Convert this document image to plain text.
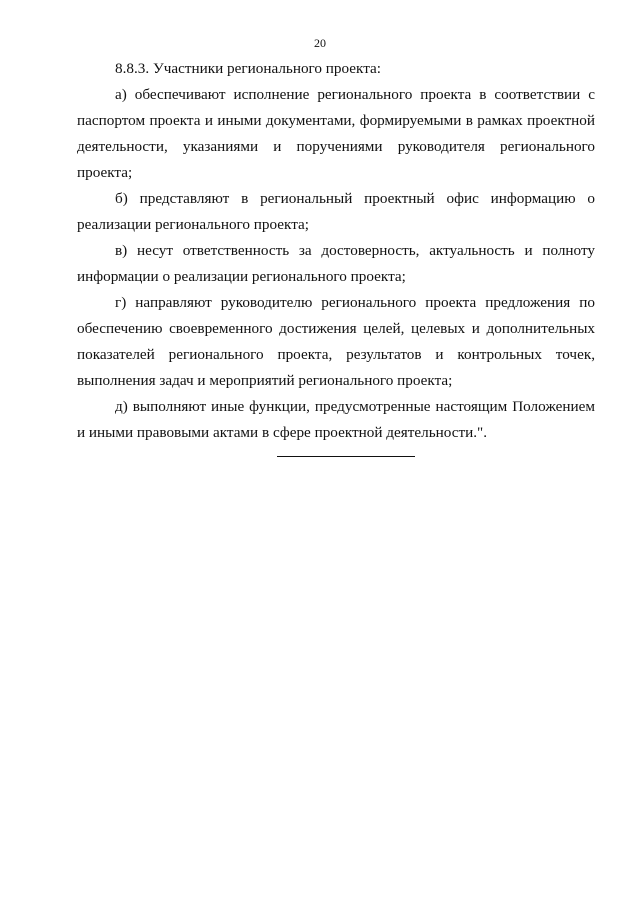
20

8.8.3. Участники регионального проекта:

а) обеспечивают исполнение регионального проекта в соответствии с паспортом проекта и иными документами, формируемыми в рамках проектной деятельности, указаниями и поручениями руководителя регионального проекта;

б) представляют в региональный проектный офис информацию о реализации регионального проекта;

в) несут ответственность за достоверность, актуальность и полноту информации о реализации регионального проекта;

г) направляют руководителю регионального проекта предложения по обеспечению своевременного достижения целей, целевых и дополнительных показателей регионального проекта, результатов и контрольных точек, выполнения задач и мероприятий регионального проекта;

д) выполняют иные функции, предусмотренные настоящим Положением и иными правовыми актами в сфере проектной деятельности.".
